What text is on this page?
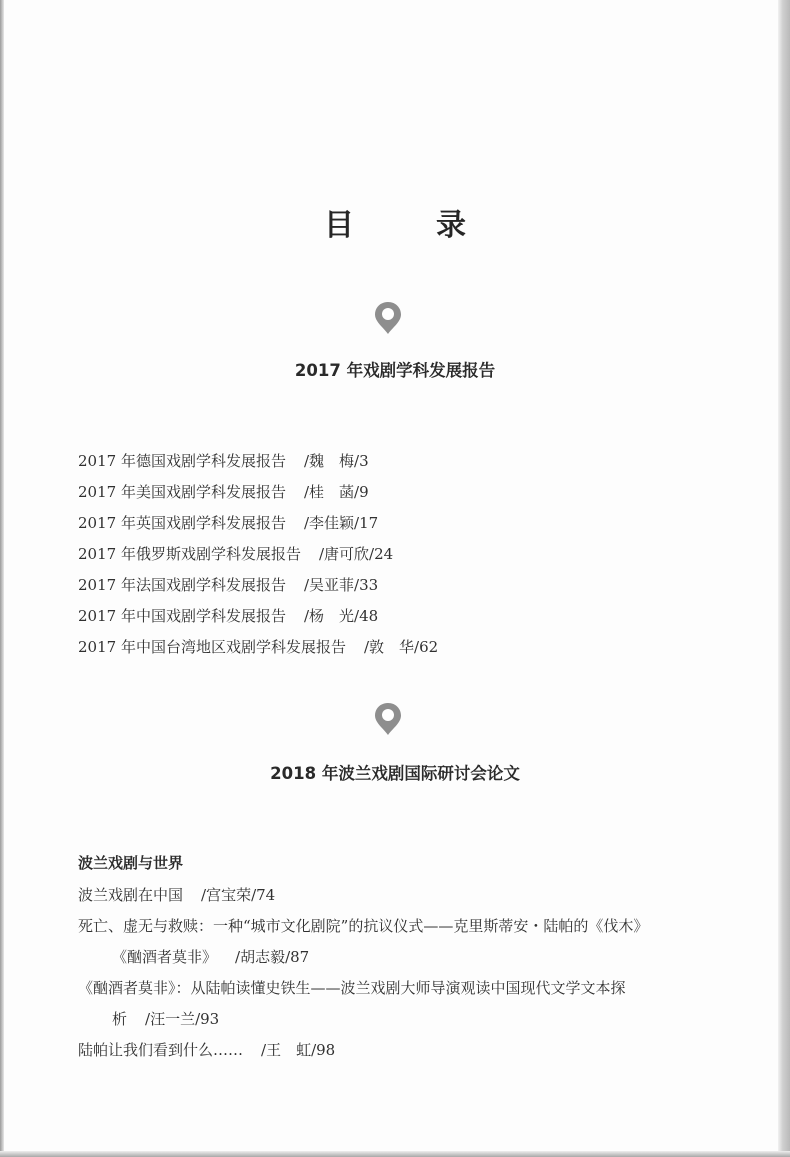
目　录
2017 年戏剧学科发展报告
2017 年德国戏剧学科发展报告 /魏　梅/3
2017 年美国戏剧学科发展报告 /桂　菡/9
2017 年英国戏剧学科发展报告 /李佳颖/17
2017 年俄罗斯戏剧学科发展报告 /唐可欣/24
2017 年法国戏剧学科发展报告 /吴亚菲/33
2017 年中国戏剧学科发展报告 /杨　光/48
2017 年中国台湾地区戏剧学科发展报告 /敦　华/62
2018 年波兰戏剧国际研讨会论文
波兰戏剧与世界
波兰戏剧在中国 /宫宝荣/74
死亡、虚无与救赎：一种“城市文化剧院”的抗议仪式——克里斯蒂安・陆帕的《伐木》
《酗酒者莫非》 /胡志毅/87
《酗酒者莫非》：从陆帕读懂史铁生——波兰戏剧大师导演观读中国现代文学文本探
析 /汪一兰/93
陆帕让我们看到什么…… /王　虹/98
